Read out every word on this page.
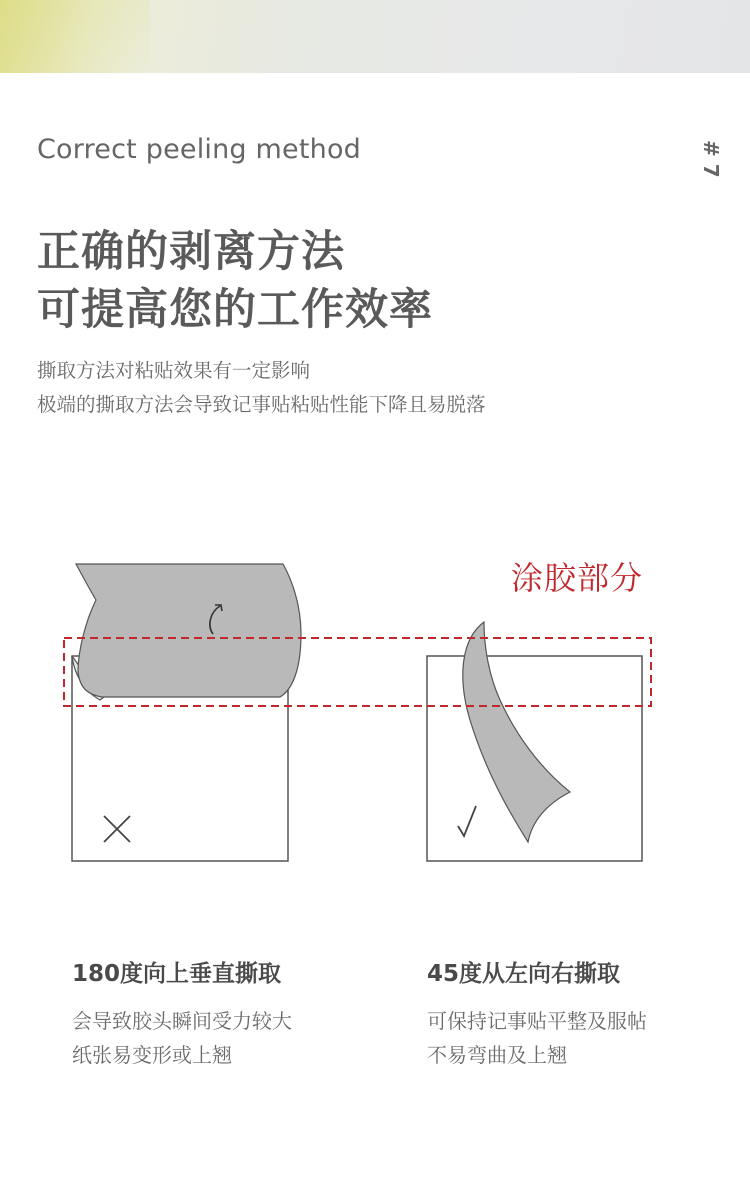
Correct peeling method	# 7
正确的剥离方法
可提高您的工作效率
撕取方法对粘贴效果有一定影响
极端的撕取方法会导致记事贴粘贴性能下降且易脱落
涂胶部分
180度向上垂直撕取
会导致胶头瞬间受力较大
纸张易变形或上翘
45度从左向右撕取
可保持记事贴平整及服帖
不易弯曲及上翘
